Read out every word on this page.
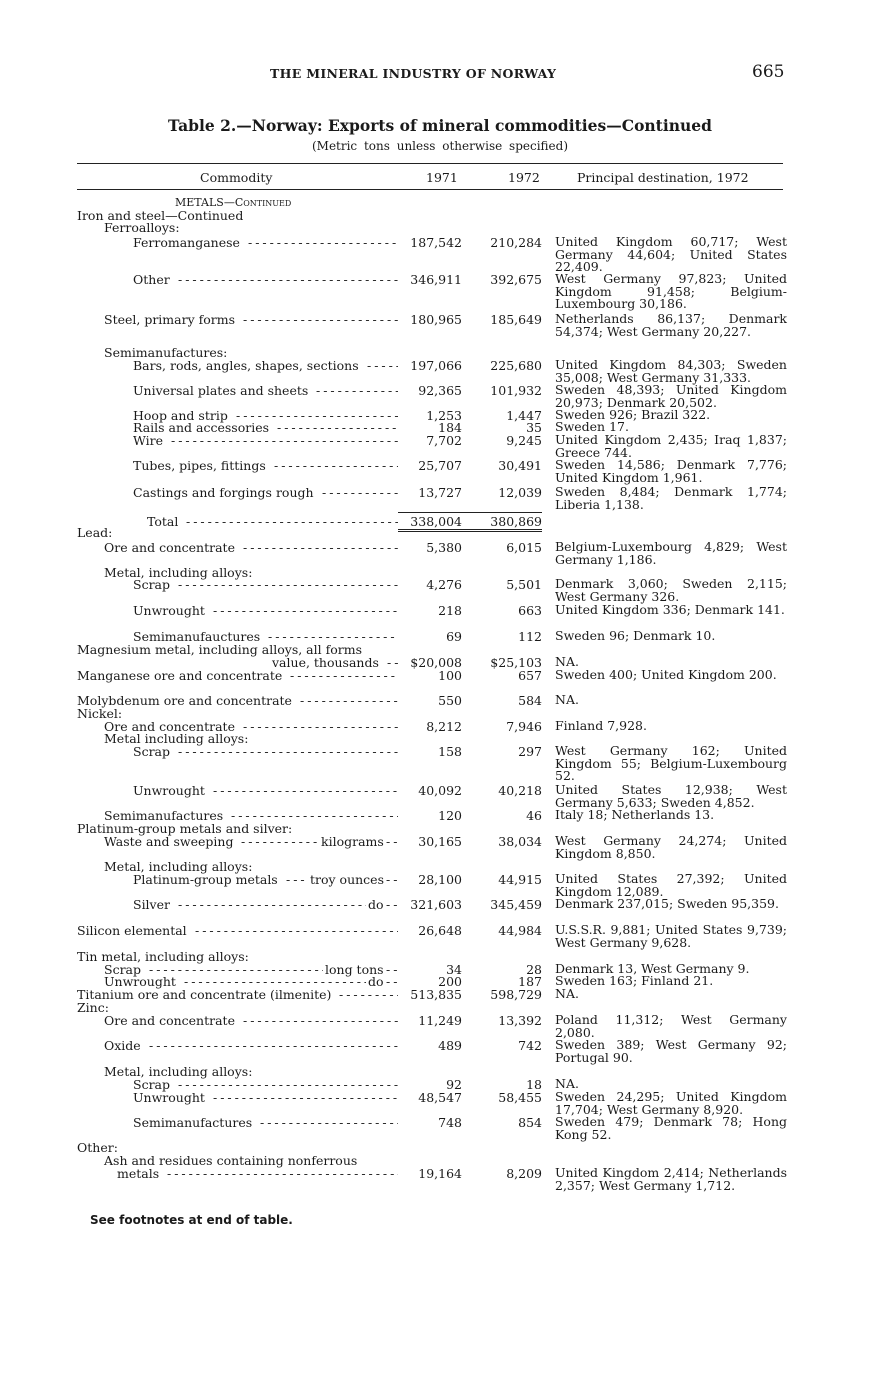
THE MINERAL INDUSTRY OF NORWAY	665
Table 2.—Norway: Exports of mineral commodities—Continued
(Metric tons unless otherwise specified)
Commodity	1971	1972	Principal destination, 1972
METALS—Continued
Iron and steel—Continued
Ferroalloys:
Ferromanganese - - -	187,542 210,284 United Kingdom 60,717; West Germany 44,604; United States 22,409.
Other - - -	346,911 392,675 West Germany 97,823; United Kingdom 91,458; Belgium-Luxembourg 30,186.
Steel, primary forms - - -	180,965 185,649 Netherlands 86,137; Denmark 54,374; West Germany 20,227.
Semimanufactures:
Bars, rods, angles, shapes, sections - - -	197,066 225,680 United Kingdom 84,303; Sweden 35,008; West Germany 31,333.
Universal plates and sheets - - -	92,365 101,932 Sweden 48,393; United Kingdom 20,973; Denmark 20,502.
Hoop and strip - - -	1,253	1,447 Sweden 926; Brazil 322.
Rails and accessories - - -	184	35 Sweden 17.
Wire - - -	7,702	9,245 United Kingdom 2,435; Iraq 1,837; Greece 744.
Tubes, pipes, fittings - - -	25,707	30,491 Sweden 14,586; Denmark 7,776; United Kingdom 1,961.
Castings and forgings rough - - -	13,727	12,039 Sweden 8,484; Denmark 1,774; Liberia 1,138.
Total - - -	338,004 380,869
Lead:
Ore and concentrate - - -	5,380	6,015 Belgium-Luxembourg 4,829; West Germany 1,186.
Metal, including alloys:
Scrap - - -	4,276	5,501 Denmark 3,060; Sweden 2,115; West Germany 326.
Unwrought - - -	218	663 United Kingdom 336; Denmark 141.
Semimanufauctures - - -	69	112 Sweden 96; Denmark 10.
Magnesium metal, including alloys, all forms
value, thousands - - -	$20,008 $25,103 NA.
Manganese ore and concentrate - - -	100	657 Sweden 400; United Kingdom 200.
Molybdenum ore and concentrate - - -	550	584 NA.
Nickel:
Ore and concentrate - - -	8,212	7,946 Finland 7,928.
Metal including alloys:
Scrap - - -	158	297 West Germany 162; United Kingdom 55; Belgium-Luxembourg 52.
Unwrought - - -	40,092	40,218 United States 12,938; West Germany 5,633; Sweden 4,852.
Semimanufactures - - -	120	46 Italy 18; Netherlands 13.
Platinum-group metals and silver:
Waste and sweeping - - -	kilograms	30,165	38,034 West Germany 24,274; United Kingdom 8,850.
- - -
Metal, including alloys:
Platinum-group metals - - -	troy ounces	28,100	44,915 United States 27,392; United Kingdom 12,089.
- - -
Silver - - -	do 321,603 345,459 Denmark 237,015; Sweden 95,359.
- - -
Silicon elemental - - -	26,648	44,984 U.S.S.R. 9,881; United States 9,739; West Germany 9,628.
Tin metal, including alloys:
Scrap - - -	long tons	34	28 Denmark 13, West Germany 9.
- - -
Unwrought - - -	do	200	187 Sweden 163; Finland 21.
- - -
Titanium ore and concentrate (ilmenite) - - -	513,835 598,729 NA.
Zinc:
Ore and concentrate - - -	11,249	13,392 Poland 11,312; West Germany 2,080.
Oxide - - -	489	742 Sweden 389; West Germany 92; Portugal 90.
Metal, including alloys:
Scrap - - -	92	18 NA.
Unwrought - - -	48,547	58,455 Sweden 24,295; United Kingdom 17,704; West Germany 8,920.
Semimanufactures - - -	748	854 Sweden 479; Denmark 78; Hong Kong 52.
Other:
Ash and residues containing nonferrous
metals - - -	19,164	8,209 United Kingdom 2,414; Netherlands 2,357; West Germany 1,712.
See footnotes at end of table.
